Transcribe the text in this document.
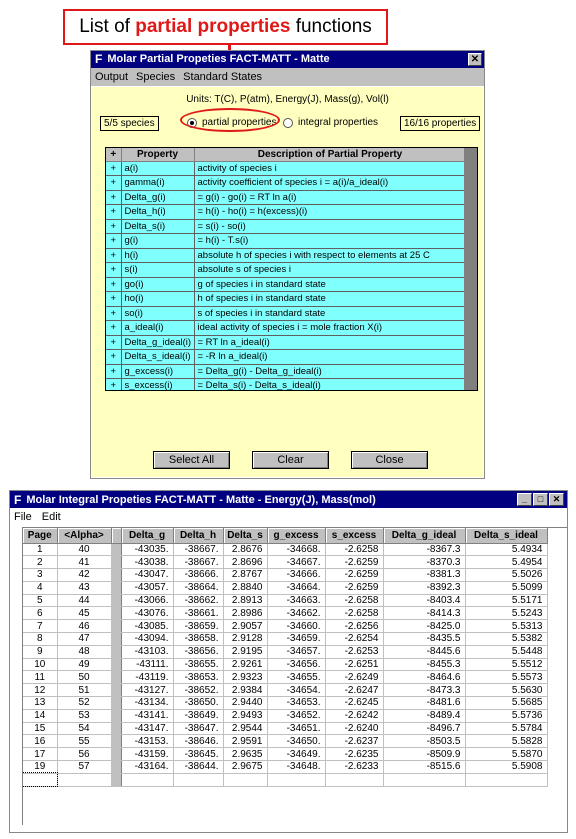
List of partial properties functions
F Molar Partial Propeties FACT-MATT - Matte	✕
Output Species Standard States
Units: T(C), P(atm), Energy(J), Mass(g), Vol(l)
5/5 species	partial properties integral properties	16/16 properties
+	Property	Description of Partial Property
+	a(i)	activity of species i
+	gamma(i)	activity coefficient of species i = a(i)/a_ideal(i)
+	Delta_g(i)	= g(i) - go(i) = RT ln a(i)
+	Delta_h(i)	= h(i) - ho(i) = h(excess)(i)
+	Delta_s(i)	= s(i) - so(i)
+	g(i)	= h(i) - T.s(i)
+	h(i)	absolute h of species i with respect to elements at 25 C
+	s(i)	absolute s of species i
+	go(i)	g of species i in standard state
+	ho(i)	h of species i in standard state
+	so(i)	s of species i in standard state
+	a_ideal(i)	ideal activity of species i = mole fraction X(i)
+	Delta_g_ideal(i)	= RT ln a_ideal(i)
+	Delta_s_ideal(i)	= -R ln a_ideal(i)
+	g_excess(i)	= Delta_g(i) - Delta_g_ideal(i)
+	s_excess(i)	= Delta_s(i) - Delta_s_ideal(i)
Select All	Clear	Close
F Molar Integral Propeties FACT-MATT - Matte - Energy(J), Mass(mol)	_	□	✕
File Edit
Page	<Alpha>		Delta_g	Delta_h	Delta_s	g_excess	s_excess	Delta_g_ideal	Delta_s_ideal
1	40		-43035.	-38667.	2.8676	-34668.	-2.6258	-8367.3	5.4934
2	41		-43038.	-38667.	2.8696	-34667.	-2.6259	-8370.3	5.4954
3	42		-43047.	-38666.	2.8767	-34666.	-2.6259	-8381.3	5.5026
4	43		-43057.	-38664.	2.8840	-34664.	-2.6259	-8392.3	5.5099
5	44		-43066.	-38662.	2.8913	-34663.	-2.6258	-8403.4	5.5171
6	45		-43076.	-38661.	2.8986	-34662.	-2.6258	-8414.3	5.5243
7	46		-43085.	-38659.	2.9057	-34660.	-2.6256	-8425.0	5.5313
8	47		-43094.	-38658.	2.9128	-34659.	-2.6254	-8435.5	5.5382
9	48		-43103.	-38656.	2.9195	-34657.	-2.6253	-8445.6	5.5448
10	49		-43111.	-38655.	2.9261	-34656.	-2.6251	-8455.3	5.5512
11	50		-43119.	-38653.	2.9323	-34655.	-2.6249	-8464.6	5.5573
12	51		-43127.	-38652.	2.9384	-34654.	-2.6247	-8473.3	5.5630
13	52		-43134.	-38650.	2.9440	-34653.	-2.6245	-8481.6	5.5685
14	53		-43141.	-38649.	2.9493	-34652.	-2.6242	-8489.4	5.5736
15	54		-43147.	-38647.	2.9544	-34651.	-2.6240	-8496.7	5.5784
16	55		-43153.	-38646.	2.9591	-34650.	-2.6237	-8503.5	5.5828
17	56		-43159.	-38645.	2.9635	-34649.	-2.6235	-8509.9	5.5870
19	57		-43164.	-38644.	2.9675	-34648.	-2.6233	-8515.6	5.5908
